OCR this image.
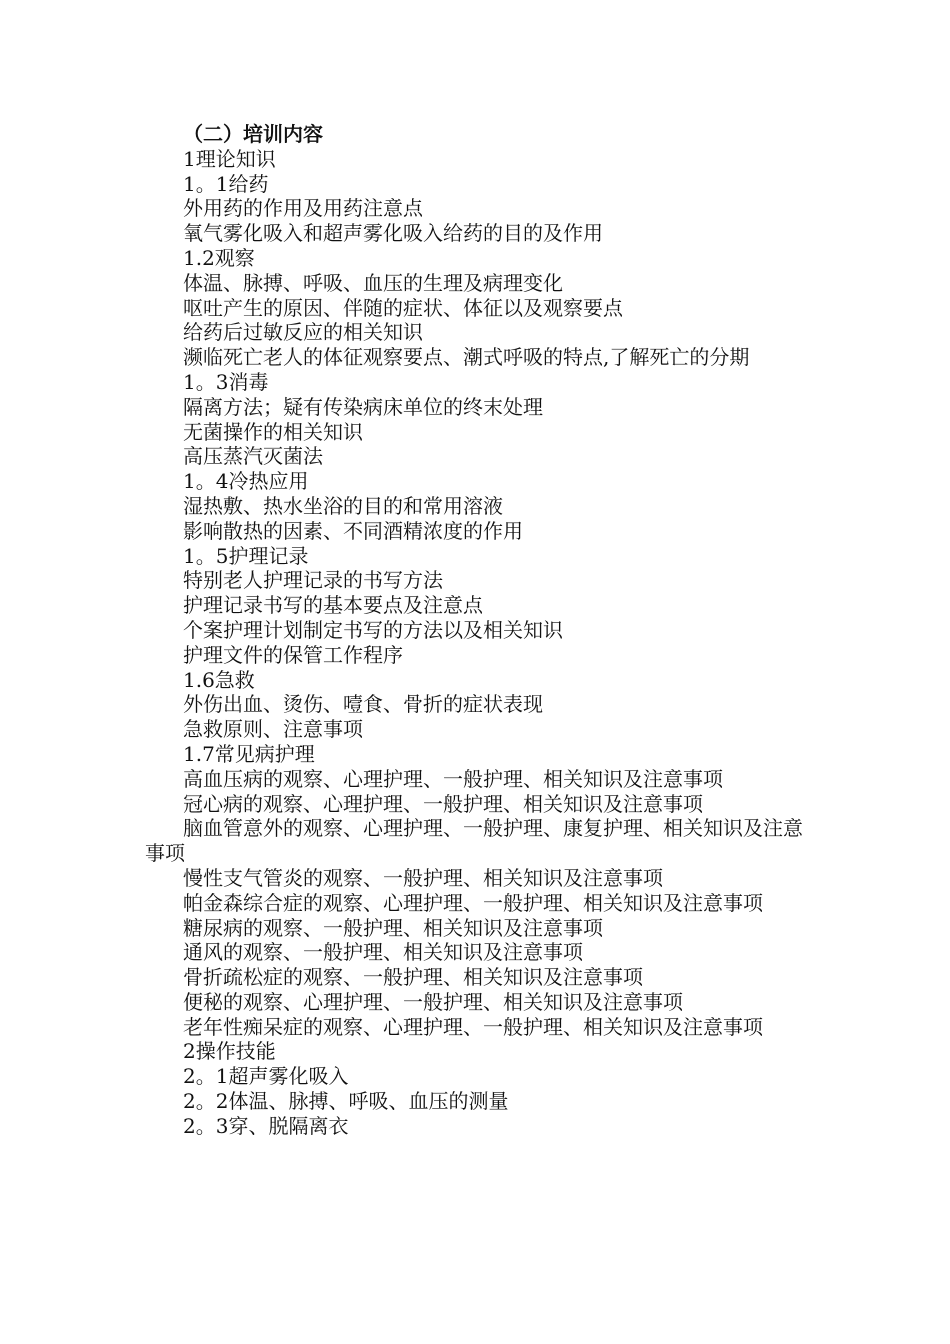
（二）培训内容

1理论知识

1。1给药

外用药的作用及用药注意点

氧气雾化吸入和超声雾化吸入给药的目的及作用

1.2观察

体温、脉搏、呼吸、血压的生理及病理变化

呕吐产生的原因、伴随的症状、体征以及观察要点

给药后过敏反应的相关知识

濒临死亡老人的体征观察要点、潮式呼吸的特点,了解死亡的分期

1。3消毒

隔离方法；疑有传染病床单位的终末处理

无菌操作的相关知识

高压蒸汽灭菌法

1。4冷热应用

湿热敷、热水坐浴的目的和常用溶液

影响散热的因素、不同酒精浓度的作用

1。5护理记录

特别老人护理记录的书写方法

护理记录书写的基本要点及注意点

个案护理计划制定书写的方法以及相关知识

护理文件的保管工作程序

1.6急救

外伤出血、烫伤、噎食、骨折的症状表现

急救原则、注意事项

1.7常见病护理

高血压病的观察、心理护理、一般护理、相关知识及注意事项

冠心病的观察、心理护理、一般护理、相关知识及注意事项

脑血管意外的观察、心理护理、一般护理、康复护理、相关知识及注意事项

慢性支气管炎的观察、一般护理、相关知识及注意事项

帕金森综合症的观察、心理护理、一般护理、相关知识及注意事项

糖尿病的观察、一般护理、相关知识及注意事项

通风的观察、一般护理、相关知识及注意事项

骨折疏松症的观察、一般护理、相关知识及注意事项

便秘的观察、心理护理、一般护理、相关知识及注意事项

老年性痴呆症的观察、心理护理、一般护理、相关知识及注意事项

2操作技能

2。1超声雾化吸入

2。2体温、脉搏、呼吸、血压的测量

2。3穿、脱隔离衣
